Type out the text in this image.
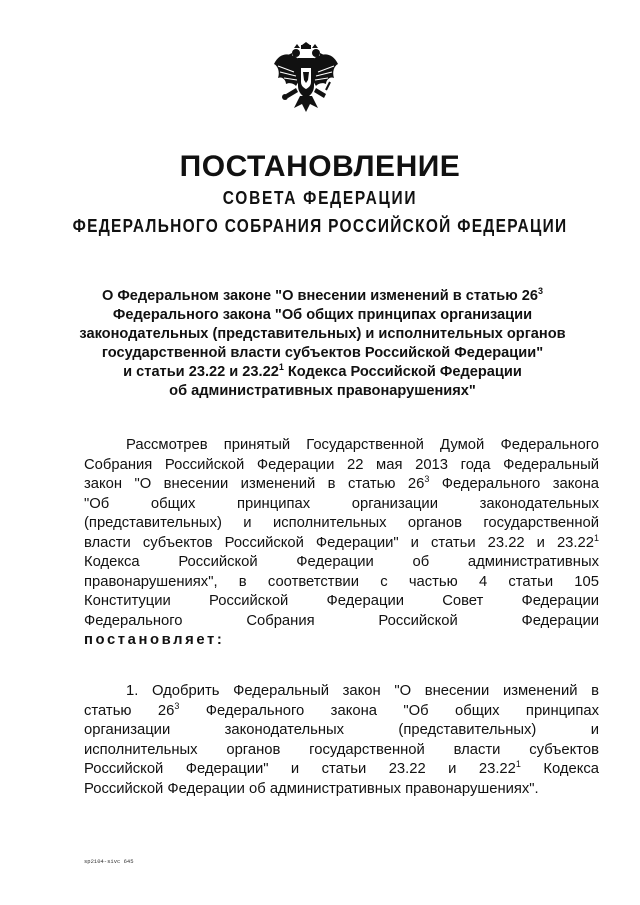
ПОСТАНОВЛЕНИЕ
СОВЕТА ФЕДЕРАЦИИ
ФЕДЕРАЛЬНОГО СОБРАНИЯ РОССИЙСКОЙ ФЕДЕРАЦИИ
О Федеральном законе "О внесении изменений в статью $26^3$
Федерального закона "Об общих принципах организации
законодательных (представительных) и исполнительных органов
государственной власти субъектов Российской Федерации"
и статьи 23.22 и 23.22$^1$ Кодекса Российской Федерации
об административных правонарушениях"
Рассмотрев принятый Государственной Думой Федерального
Собрания Российской Федерации 22 мая 2013 года Федеральный
закон "О внесении изменений в статью $26^3$ Федерального закона
"Об общих принципах организации законодательных
(представительных) и исполнительных органов государственной
власти субъектов Российской Федерации" и статьи 23.22 и 23.22$^1$
Кодекса Российской Федерации об административных
правонарушениях", в соответствии с частью 4 статьи 105
Конституции Российской Федерации Совет Федерации
Федерального Собрания Российской Федерации
постановляет:
1. Одобрить Федеральный закон "О внесении изменений в
статью $26^3$ Федерального закона "Об общих принципах
организации законодательных (представительных) и
исполнительных органов государственной власти субъектов
Российской Федерации" и статьи 23.22 и 23.22$^1$ Кодекса
Российской Федерации об административных правонарушениях".
sp2104-sivc 645
